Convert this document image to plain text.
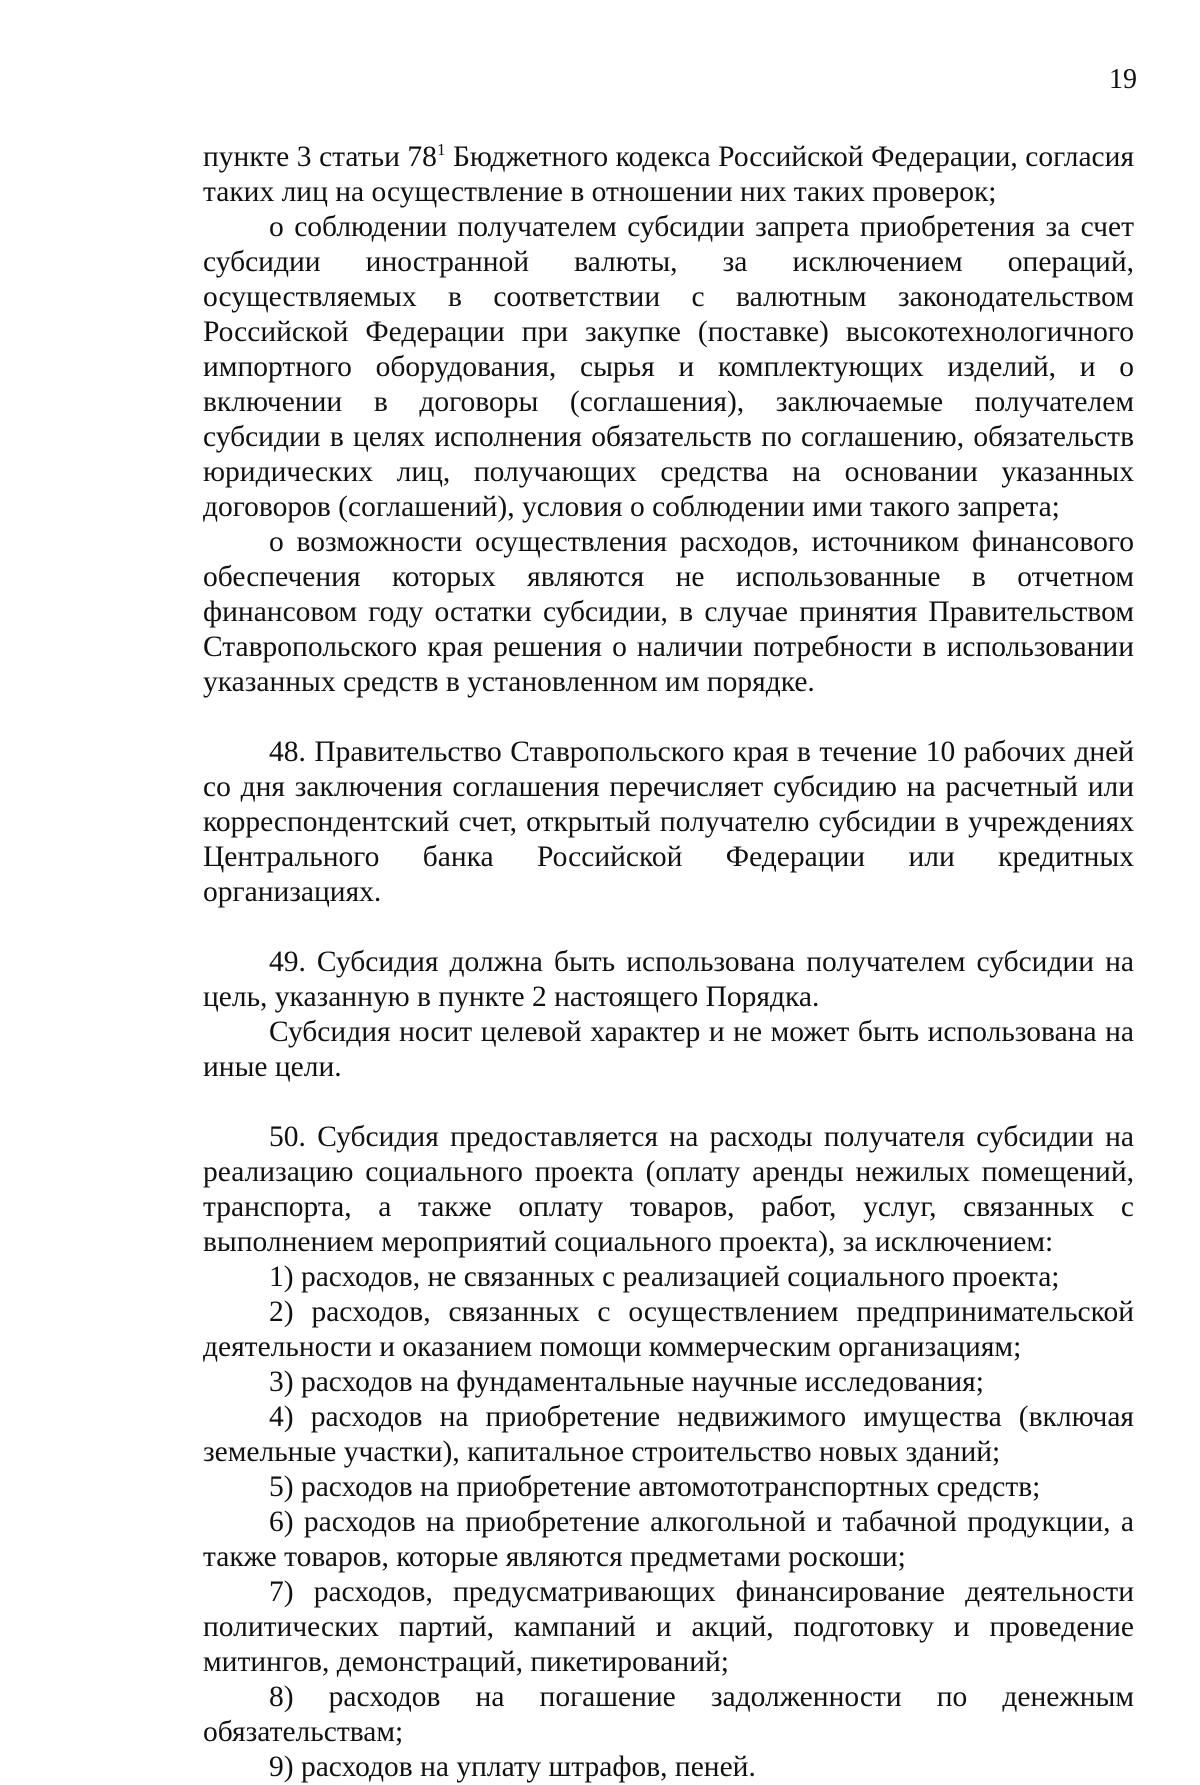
19

пункте 3 статьи $78^1$ Бюджетного кодекса Российской Федерации, согласия таких лиц на осуществление в отношении них таких проверок;

о соблюдении получателем субсидии запрета приобретения за счет субсидии иностранной валюты, за исключением операций, осуществляемых в соответствии с валютным законодательством Российской Федерации при закупке (поставке) высокотехнологичного импортного оборудования, сырья и комплектующих изделий, и о включении в договоры (соглашения), заключаемые получателем субсидии в целях исполнения обязательств по соглашению, обязательств юридических лиц, получающих средства на основании указанных договоров (соглашений), условия о соблюдении ими такого запрета;

о возможности осуществления расходов, источником финансового обеспечения которых являются не использованные в отчетном финансовом году остатки субсидии, в случае принятия Правительством Ставропольского края решения о наличии потребности в использовании указанных средств в установленном им порядке.

48. Правительство Ставропольского края в течение 10 рабочих дней со дня заключения соглашения перечисляет субсидию на расчетный или корреспондентский счет, открытый получателю субсидии в учреждениях Центрального банка Российской Федерации или кредитных организациях.

49. Субсидия должна быть использована получателем субсидии на цель, указанную в пункте 2 настоящего Порядка.

Субсидия носит целевой характер и не может быть использована на иные цели.

50. Субсидия предоставляется на расходы получателя субсидии на реализацию социального проекта (оплату аренды нежилых помещений, транспорта, а также оплату товаров, работ, услуг, связанных с выполнением мероприятий социального проекта), за исключением:

1) расходов, не связанных с реализацией социального проекта;

2) расходов, связанных с осуществлением предпринимательской деятельности и оказанием помощи коммерческим организациям;

3) расходов на фундаментальные научные исследования;

4) расходов на приобретение недвижимого имущества (включая земельные участки), капитальное строительство новых зданий;

5) расходов на приобретение автомототранспортных средств;

6) расходов на приобретение алкогольной и табачной продукции, а также товаров, которые являются предметами роскоши;

7) расходов, предусматривающих финансирование деятельности политических партий, кампаний и акций, подготовку и проведение митингов, демонстраций, пикетирований;

8) расходов на погашение задолженности по денежным обязательствам;

9) расходов на уплату штрафов, пеней.
